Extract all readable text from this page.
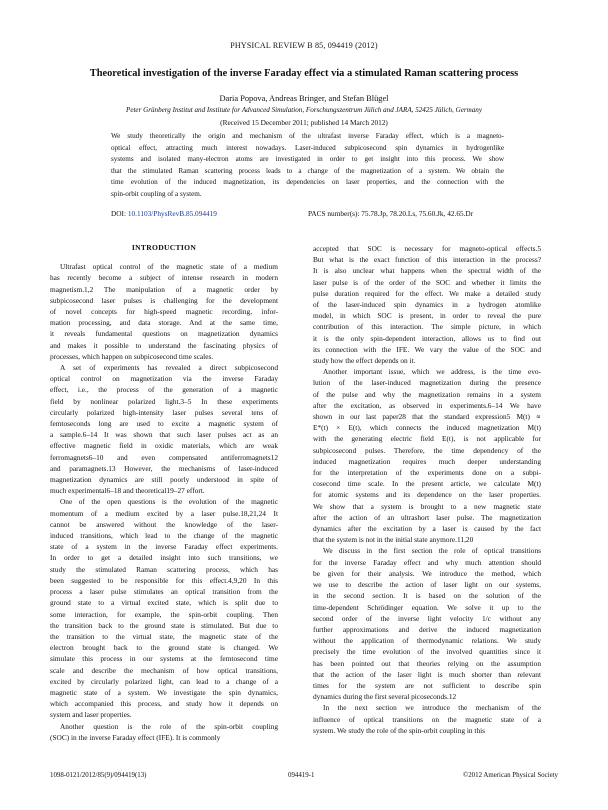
PHYSICAL REVIEW B 85, 094419 (2012)
Theoretical investigation of the inverse Faraday effect via a stimulated Raman scattering process
Daria Popova, Andreas Bringer, and Stefan Blügel
Peter Grünberg Institut and Institute for Advanced Simulation, Forschungszentrum Jülich and JARA, 52425 Jülich, Germany
(Received 15 December 2011; published 14 March 2012)
We study theoretically the origin and mechanism of the ultrafast inverse Faraday effect, which is a magneto-
optical effect, attracting much interest nowadays. Laser-induced subpicosecond spin dynamics in hydrogenlike
systems and isolated many-electron atoms are investigated in order to get insight into this process. We show
that the stimulated Raman scattering process leads to a change of the magnetization of a system. We obtain the
time evolution of the induced magnetization, its dependencies on laser properties, and the connection with the
spin-orbit coupling of a system.
DOI: 10.1103/PhysRevB.85.094419	PACS number(s): 75.78.Jp, 78.20.Ls, 75.60.Jk, 42.65.Dr
INTRODUCTION
Ultrafast optical control of the magnetic state of a medium
has recently become a subject of intense research in modern
magnetism.1,2 The manipulation of a magnetic order by
subpicosecond laser pulses is challenging for the development
of novel concepts for high-speed magnetic recording, infor-
mation processing, and data storage. And at the same time,
it reveals fundamental questions on magnetization dynamics
and makes it possible to understand the fascinating physics of
processes, which happen on subpicosecond time scales.
A set of experiments has revealed a direct subpicosecond
optical control on magnetization via the inverse Faraday
effect, i.e., the process of the generation of a magnetic
field by nonlinear polarized light.3–5 In these experiments
circularly polarized high-intensity laser pulses several tens of
femtoseconds long are used to excite a magnetic system of
a sample.6–14 It was shown that such laser pulses act as an
effective magnetic field in oxidic materials, which are weak
ferromagnets6–10 and even compensated antiferromagnets12
and paramagnets.13 However, the mechanisms of laser-induced
magnetization dynamics are still poorly understood in spite of
much experimental6–18 and theoretical19–27 effort.
One of the open questions is the evolution of the magnetic
momentum of a medium excited by a laser pulse.18,21,24 It
cannot be answered without the knowledge of the laser-
induced transitions, which lead to the change of the magnetic
state of a system in the inverse Faraday effect experiments.
In order to get a detailed insight into such transitions, we
study the stimulated Raman scattering process, which has
been suggested to be responsible for this effect.4,9,20 In this
process a laser pulse stimulates an optical transition from the
ground state to a virtual excited state, which is split due to
some interaction, for example, the spin-orbit coupling. Then
the transition back to the ground state is stimulated. But due to
the transition to the virtual state, the magnetic state of the
electron brought back to the ground state is changed. We
simulate this process in our systems at the femtosecond time
scale and describe the mechanism of how optical transitions,
excited by circularly polarized light, can lead to a change of a
magnetic state of a system. We investigate the spin dynamics,
which accompanied this process, and study how it depends on
system and laser properties.
Another question is the role of the spin-orbit coupling
(SOC) in the inverse Faraday effect (IFE). It is commonly
accepted that SOC is necessary for magneto-optical effects.5
But what is the exact function of this interaction in the process?
It is also unclear what happens when the spectral width of the
laser pulse is of the order of the SOC and whether it limits the
pulse duration required for the effect. We make a detailed study
of the laser-induced spin dynamics in a hydrogen atomlike
model, in which SOC is present, in order to reveal the pure
contribution of this interaction. The simple picture, in which
it is the only spin-dependent interaction, allows us to find out
its connection with the IFE. We vary the value of the SOC and
study how the effect depends on it.
Another important issue, which we address, is the time evo-
lution of the laser-induced magnetization during the presence
of the pulse and why the magnetization remains in a system
after the excitation, as observed in experiments.6–14 We have
shown in our last paper28 that the standard expression5 M(t) ∝
E*(t) × E(t), which connects the induced magnetization M(t)
with the generating electric field E(t), is not applicable for
subpicosecond pulses. Therefore, the time dependency of the
induced magnetization requires much deeper understanding
for the interpretation of the experiments done on a subpi-
cosecond time scale. In the present article, we calculate M(t)
for atomic systems and its dependence on the laser properties.
We show that a system is brought to a new magnetic state
after the action of an ultrashort laser pulse. The magnetization
dynamics after the excitation by a laser is caused by the fact
that the system is not in the initial state anymore.11,20
We discuss in the first section the role of optical transitions
for the inverse Faraday effect and why much attention should
be given for their analysis. We introduce the method, which
we use to describe the action of laser light on our systems,
in the second section. It is based on the solution of the
time-dependent Schrödinger equation. We solve it up to the
second order of the inverse light velocity 1/c without any
further approximations and derive the induced magnetization
without the application of thermodynamic relations. We study
precisely the time evolution of the involved quantities since it
has been pointed out that theories relying on the assumption
that the action of the laser light is much shorter than relevant
times for the system are not sufficient to describe spin
dynamics during the first several picoseconds.12
In the next section we introduce the mechanism of the
influence of optical transitions on the magnetic state of a
system. We study the role of the spin-orbit coupling in this
1098-0121/2012/85(9)/094419(13)	094419-1	©2012 American Physical Society
